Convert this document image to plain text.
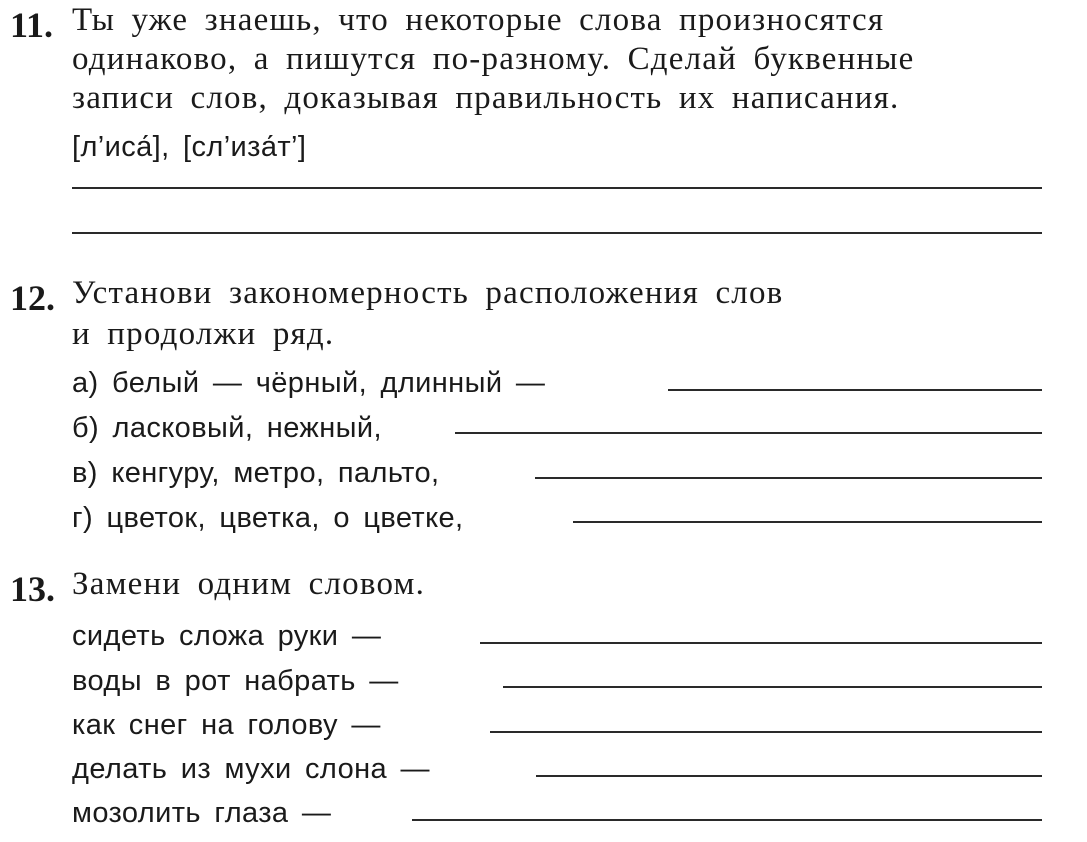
11. Ты уже знаешь, что некоторые слова произносятся
одинаково, а пишутся по-разному. Сделай буквенные
записи слов, доказывая правильность их написания.
[л’иса́], [сл’иза́т’]
12. Установи закономерность расположения слов
и продолжи ряд.
а) белый — чёрный, длинный —
б) ласковый, нежный,
в) кенгуру, метро, пальто,
г) цветок, цветка, о цветке,
13. Замени одним словом.
сидеть сложа руки —
воды в рот набрать —
как снег на голову —
делать из мухи слона —
мозолить глаза —
